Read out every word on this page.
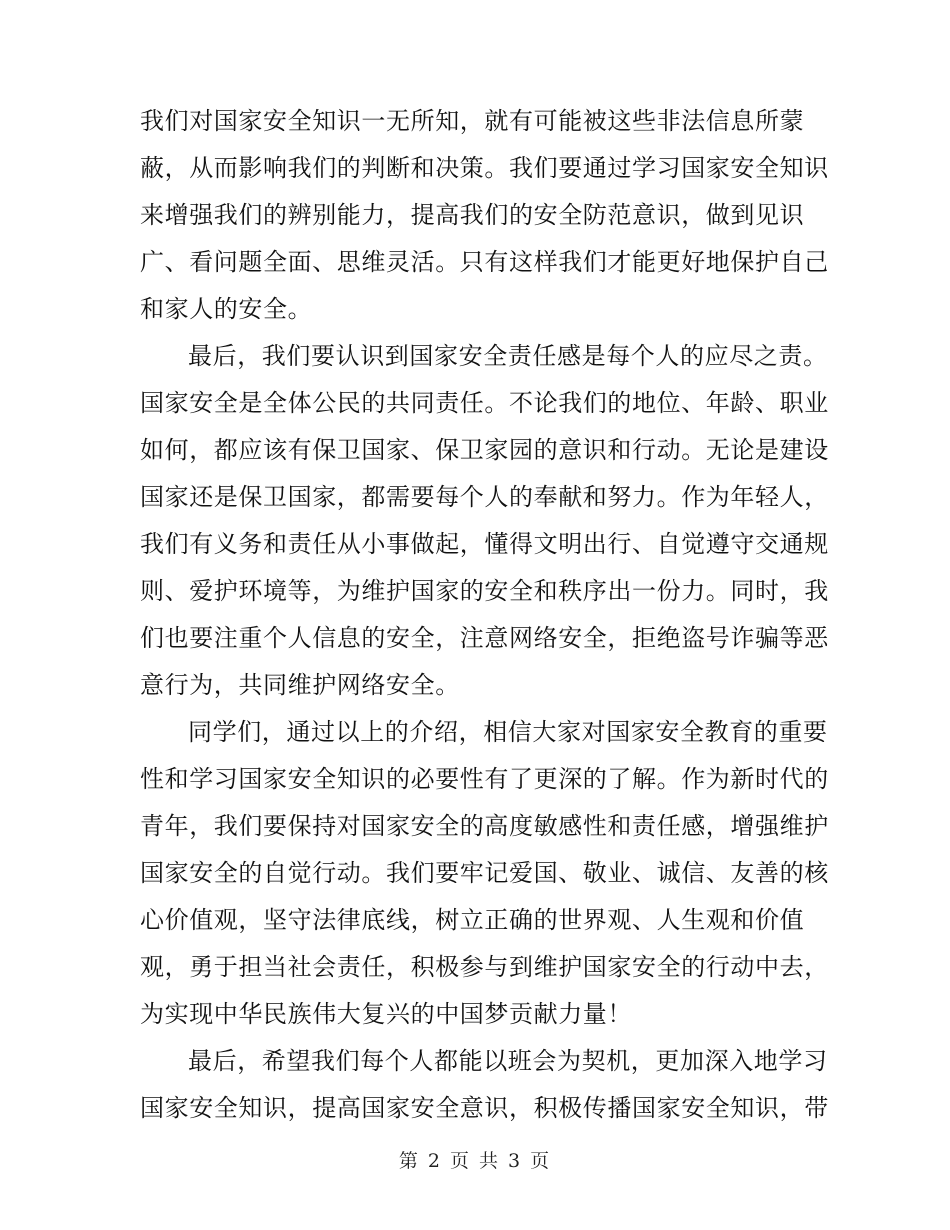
我们对国家安全知识一无所知，就有可能被这些非法信息所蒙
蔽，从而影响我们的判断和决策。我们要通过学习国家安全知识
来增强我们的辨别能力，提高我们的安全防范意识，做到见识
广、看问题全面、思维灵活。只有这样我们才能更好地保护自己
和家人的安全。
最后，我们要认识到国家安全责任感是每个人的应尽之责。
国家安全是全体公民的共同责任。不论我们的地位、年龄、职业
如何，都应该有保卫国家、保卫家园的意识和行动。无论是建设
国家还是保卫国家，都需要每个人的奉献和努力。作为年轻人，
我们有义务和责任从小事做起，懂得文明出行、自觉遵守交通规
则、爱护环境等，为维护国家的安全和秩序出一份力。同时，我
们也要注重个人信息的安全，注意网络安全，拒绝盗号诈骗等恶
意行为，共同维护网络安全。
同学们，通过以上的介绍，相信大家对国家安全教育的重要
性和学习国家安全知识的必要性有了更深的了解。作为新时代的
青年，我们要保持对国家安全的高度敏感性和责任感，增强维护
国家安全的自觉行动。我们要牢记爱国、敬业、诚信、友善的核
心价值观，坚守法律底线，树立正确的世界观、人生观和价值
观，勇于担当社会责任，积极参与到维护国家安全的行动中去，
为实现中华民族伟大复兴的中国梦贡献力量！
最后，希望我们每个人都能以班会为契机，更加深入地学习
国家安全知识，提高国家安全意识，积极传播国家安全知识，带
第 2 页 共 3 页
